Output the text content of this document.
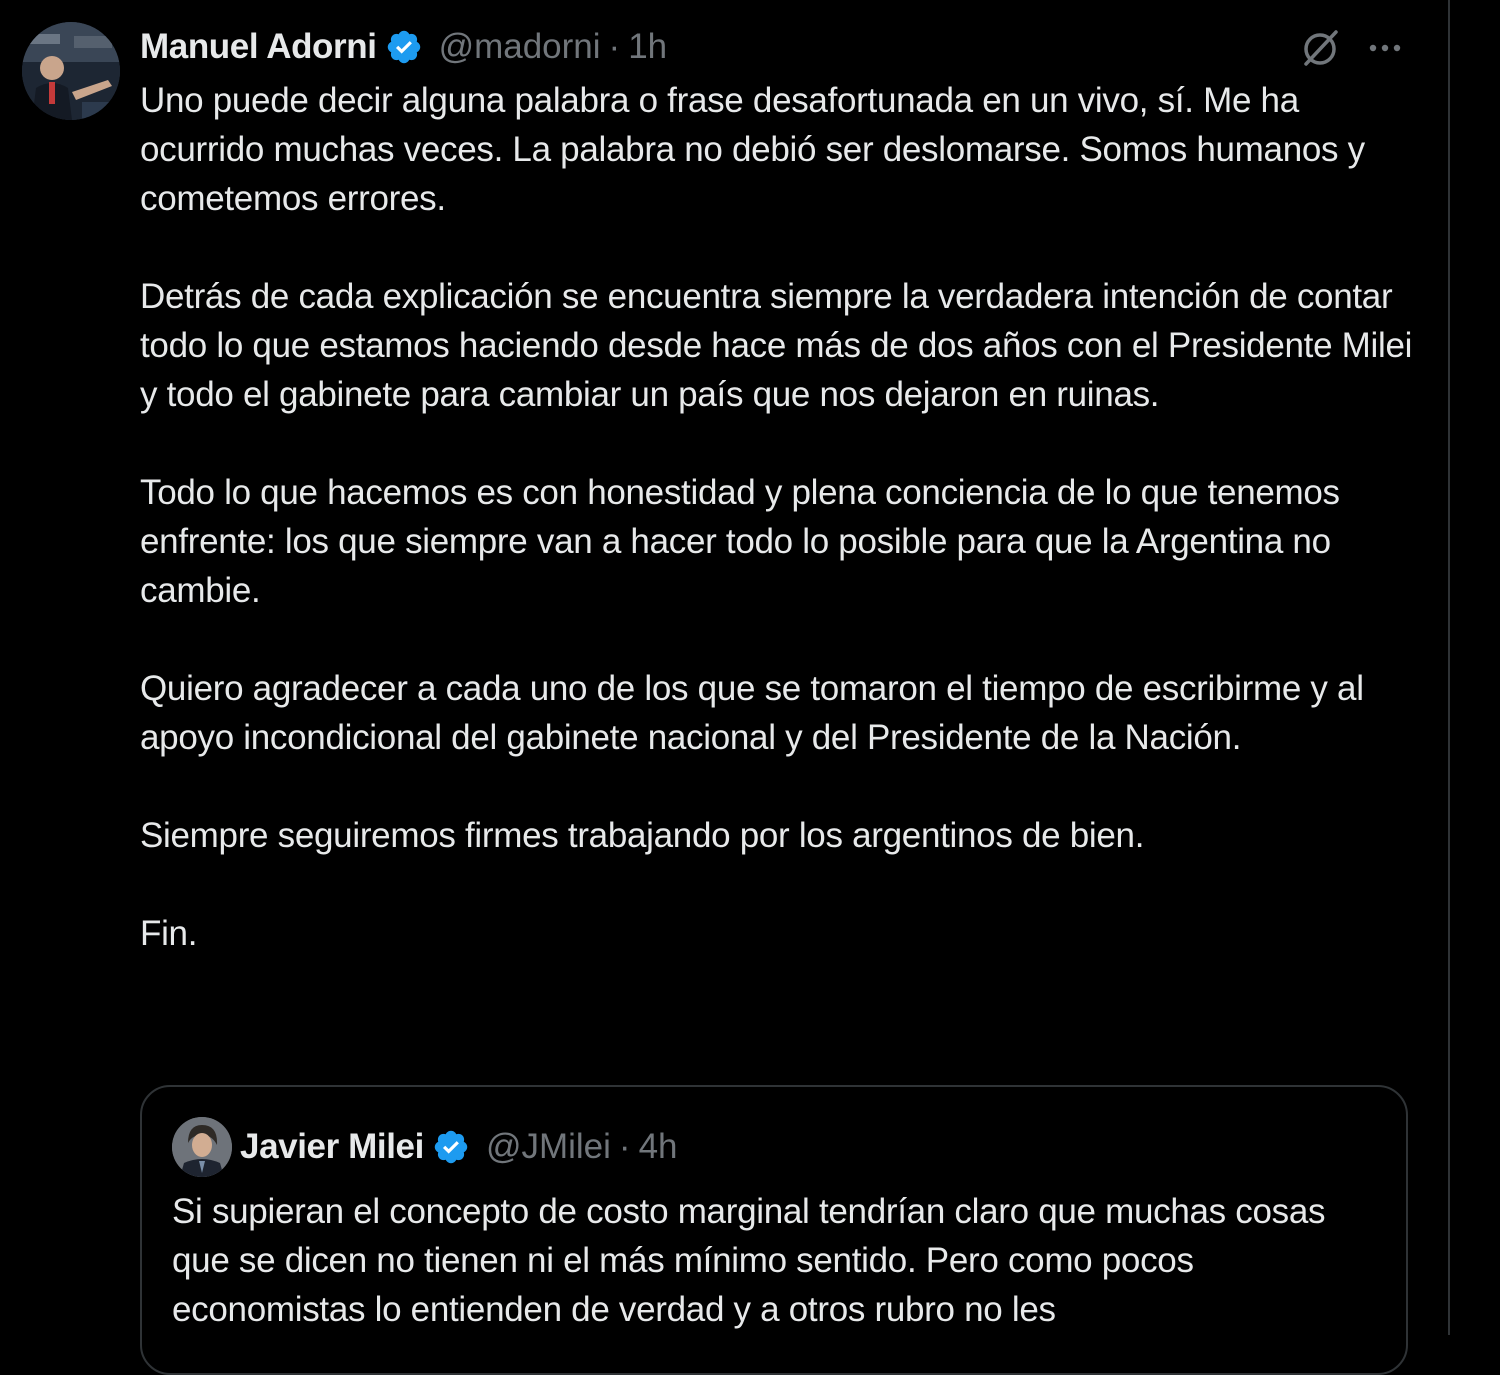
Manuel Adorni @madorni · 1h

Uno puede decir alguna palabra o frase desafortunada en un vivo, sí. Me ha ocurrido muchas veces. La palabra no debió ser deslomarse. Somos humanos y cometemos errores.

Detrás de cada explicación se encuentra siempre la verdadera intención de contar todo lo que estamos haciendo desde hace más de dos años con el Presidente Milei y todo el gabinete para cambiar un país que nos dejaron en ruinas.

Todo lo que hacemos es con honestidad y plena conciencia de lo que tenemos enfrente: los que siempre van a hacer todo lo posible para que la Argentina no cambie.

Quiero agradecer a cada uno de los que se tomaron el tiempo de escribirme y al apoyo incondicional del gabinete nacional y del Presidente de la Nación.

Siempre seguiremos firmes trabajando por los argentinos de bien.

Fin.

Javier Milei @JMilei · 4h

Si supieran el concepto de costo marginal tendrían claro que muchas cosas que se dicen no tienen ni el más mínimo sentido. Pero como pocos economistas lo entienden de verdad y a otros rubro no les
